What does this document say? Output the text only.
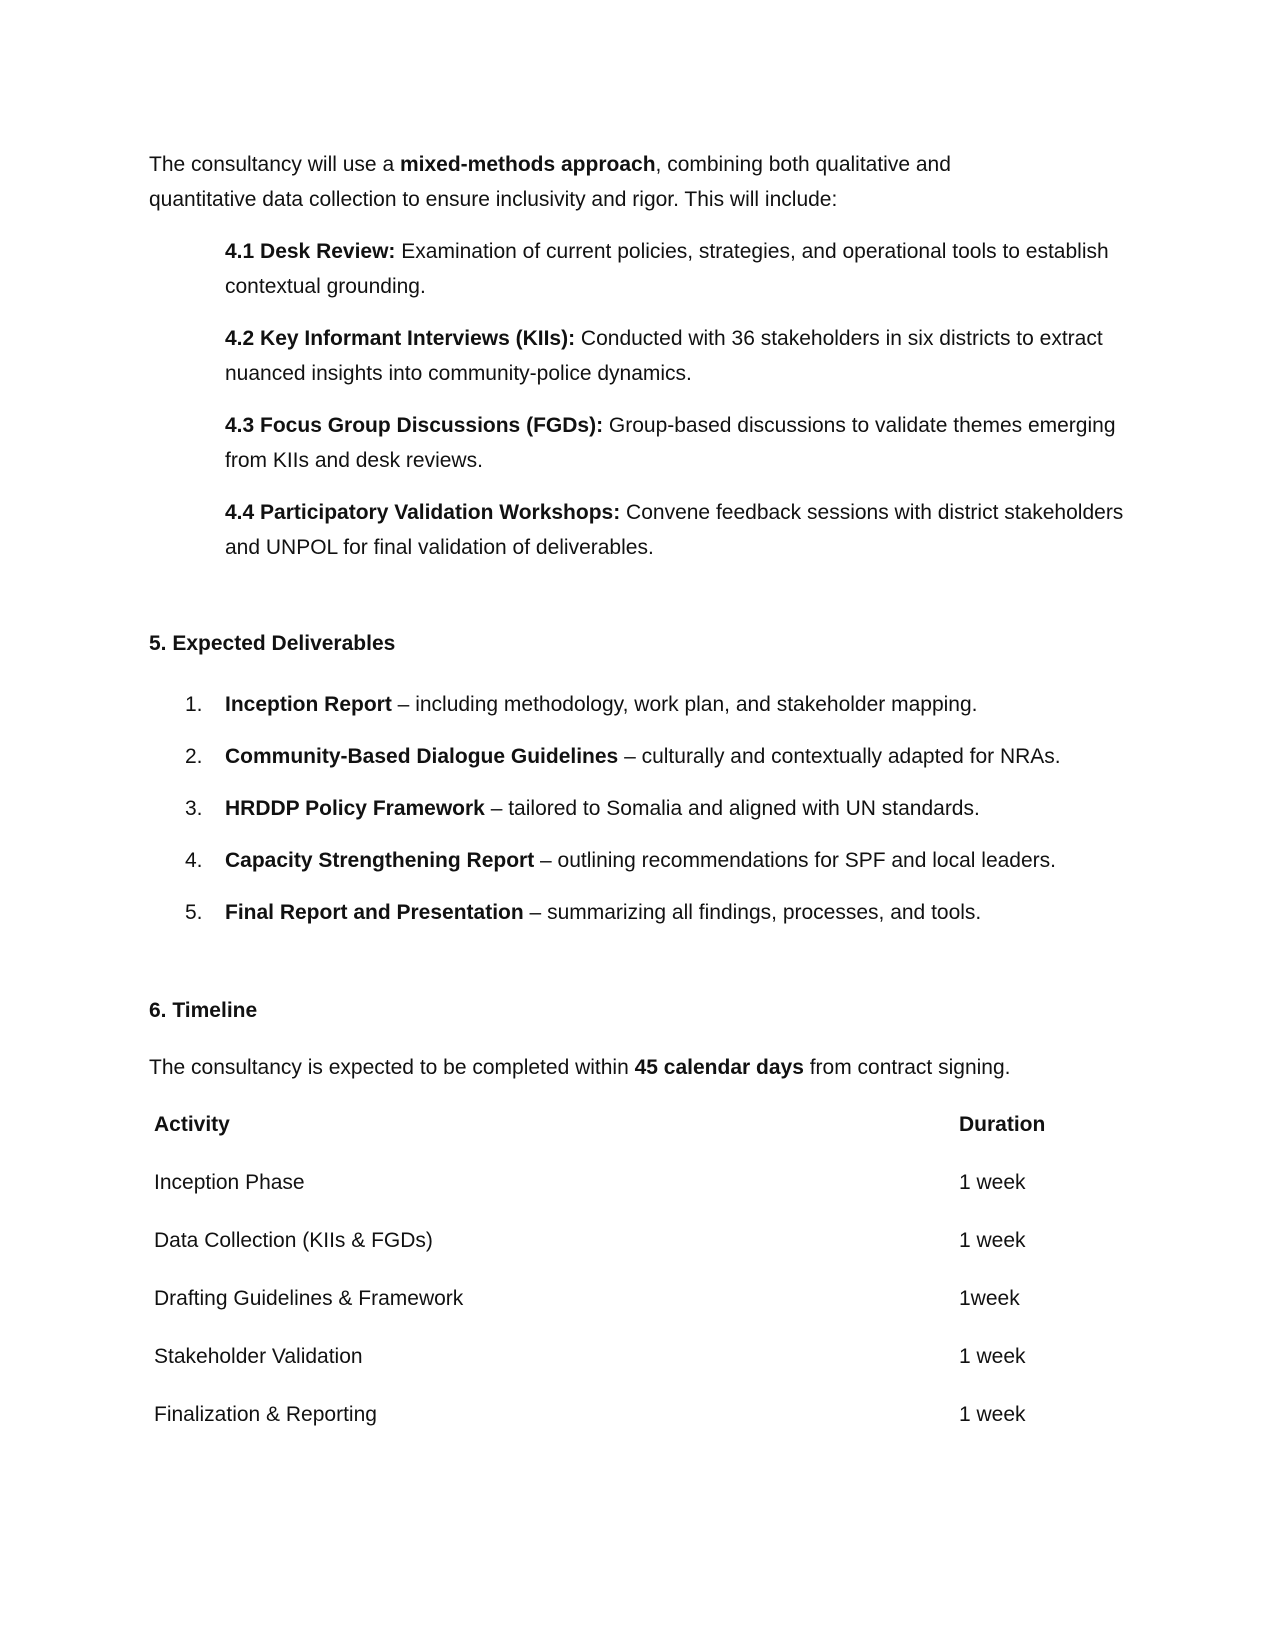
The consultancy will use a mixed-methods approach, combining both qualitative and quantitative data collection to ensure inclusivity and rigor. This will include:

4.1 Desk Review: Examination of current policies, strategies, and operational tools to establish contextual grounding.
4.2 Key Informant Interviews (KIIs): Conducted with 36 stakeholders in six districts to extract nuanced insights into community-police dynamics.
4.3 Focus Group Discussions (FGDs): Group-based discussions to validate themes emerging from KIIs and desk reviews.
4.4 Participatory Validation Workshops: Convene feedback sessions with district stakeholders and UNPOL for final validation of deliverables.
5. Expected Deliverables
1.	Inception Report – including methodology, work plan, and stakeholder mapping.
2.	Community-Based Dialogue Guidelines – culturally and contextually adapted for NRAs.
3.	HRDDP Policy Framework – tailored to Somalia and aligned with UN standards.
4.	Capacity Strengthening Report – outlining recommendations for SPF and local leaders.
5.	Final Report and Presentation – summarizing all findings, processes, and tools.
6. Timeline

The consultancy is expected to be completed within 45 calendar days from contract signing.

Activity	Duration
Inception Phase	1 week
Data Collection (KIIs & FGDs)	1 week
Drafting Guidelines & Framework	1week
Stakeholder Validation	1 week
Finalization & Reporting	1 week
